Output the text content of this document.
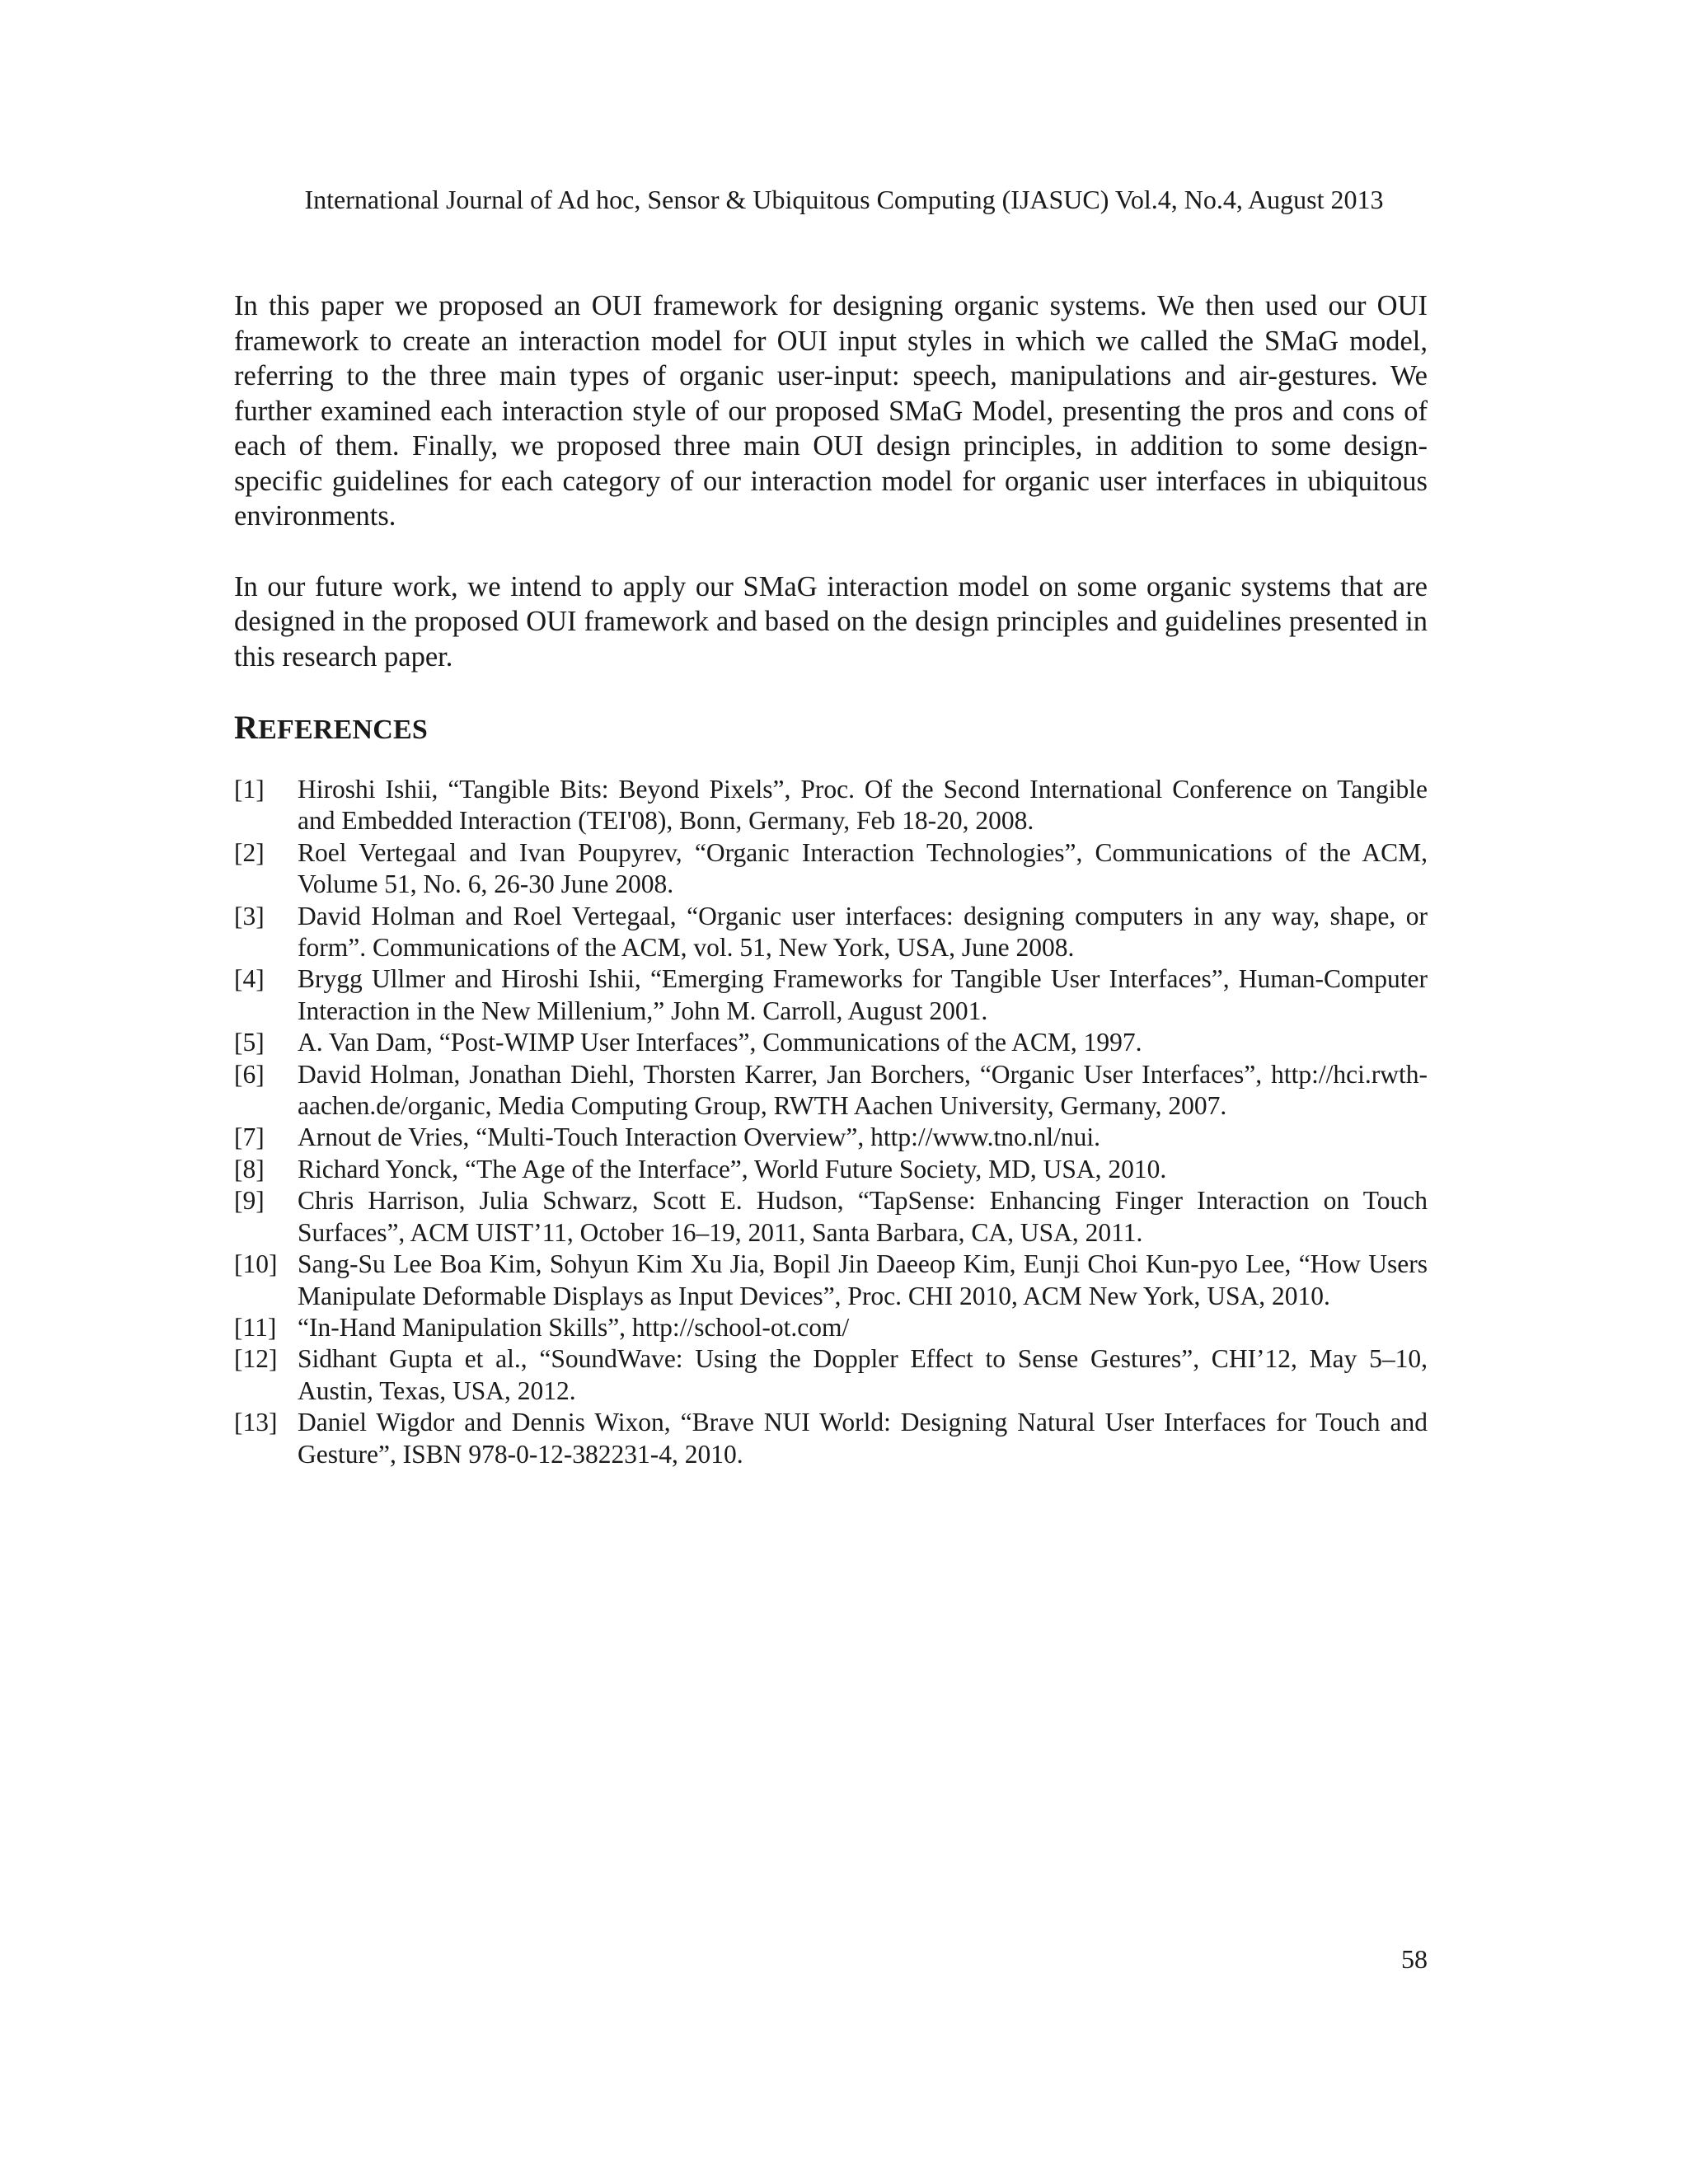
International Journal of Ad hoc, Sensor & Ubiquitous Computing (IJASUC) Vol.4, No.4, August 2013

In this paper we proposed an OUI framework for designing organic systems. We then used our OUI framework to create an interaction model for OUI input styles in which we called the SMaG model, referring to the three main types of organic user-input: speech, manipulations and air-gestures. We further examined each interaction style of our proposed SMaG Model, presenting the pros and cons of each of them. Finally, we proposed three main OUI design principles, in addition to some design-specific guidelines for each category of our interaction model for organic user interfaces in ubiquitous environments.

In our future work, we intend to apply our SMaG interaction model on some organic systems that are designed in the proposed OUI framework and based on the design principles and guidelines presented in this research paper.

REFERENCES
[1] Hiroshi Ishii, “Tangible Bits: Beyond Pixels”, Proc. Of the Second International Conference on Tangible and Embedded Interaction (TEI'08), Bonn, Germany, Feb 18-20, 2008.
[2] Roel Vertegaal and Ivan Poupyrev, “Organic Interaction Technologies”, Communications of the ACM, Volume 51, No. 6, 26-30 June 2008.
[3] David Holman and Roel Vertegaal, “Organic user interfaces: designing computers in any way, shape, or form”. Communications of the ACM, vol. 51, New York, USA, June 2008.
[4] Brygg Ullmer and Hiroshi Ishii, “Emerging Frameworks for Tangible User Interfaces”, Human-Computer Interaction in the New Millenium,” John M. Carroll, August 2001.
[5] A. Van Dam, “Post-WIMP User Interfaces”, Communications of the ACM, 1997.
[6] David Holman, Jonathan Diehl, Thorsten Karrer, Jan Borchers, “Organic User Interfaces”, http://hci.rwth-aachen.de/organic, Media Computing Group, RWTH Aachen University, Germany, 2007.
[7] Arnout de Vries, “Multi-Touch Interaction Overview”, http://www.tno.nl/nui.
[8] Richard Yonck, “The Age of the Interface”, World Future Society, MD, USA, 2010.
[9] Chris Harrison, Julia Schwarz, Scott E. Hudson, “TapSense: Enhancing Finger Interaction on Touch Surfaces”, ACM UIST’11, October 16–19, 2011, Santa Barbara, CA, USA, 2011.
[10] Sang-Su Lee Boa Kim, Sohyun Kim Xu Jia, Bopil Jin Daeeop Kim, Eunji Choi Kun-pyo Lee, “How Users Manipulate Deformable Displays as Input Devices”, Proc. CHI 2010, ACM New York, USA, 2010.
[11] “In-Hand Manipulation Skills”, http://school-ot.com/
[12] Sidhant Gupta et al., “SoundWave: Using the Doppler Effect to Sense Gestures”, CHI’12, May 5–10, Austin, Texas, USA, 2012.
[13] Daniel Wigdor and Dennis Wixon, “Brave NUI World: Designing Natural User Interfaces for Touch and Gesture”, ISBN 978-0-12-382231-4, 2010.
58
